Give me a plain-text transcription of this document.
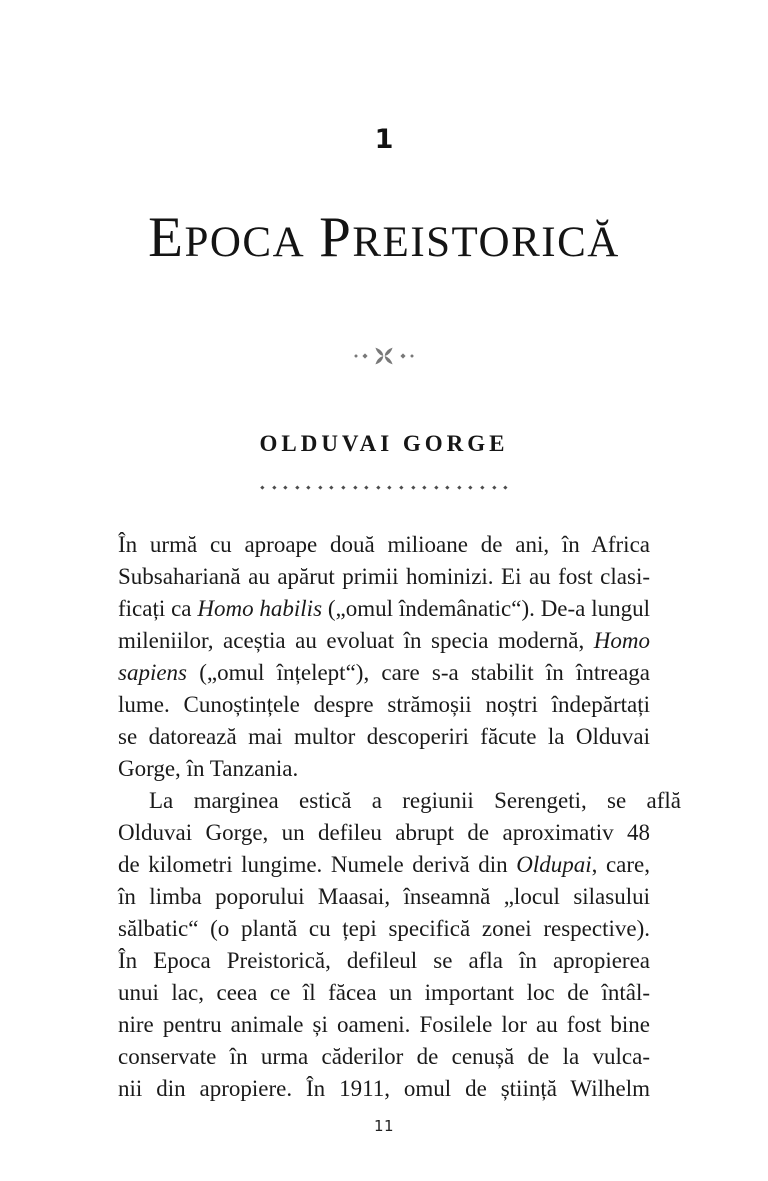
1
EPOCA PREISTORICĂ
OLDUVAI GORGE
În urmă cu aproape două milioane de ani, în Africa
Subsahariană au apărut primii hominizi. Ei au fost clasi-
ficați ca Homo habilis („omul îndemânatic“). De-a lungul
mileniilor, aceștia au evoluat în specia modernă, Homo
sapiens („omul înțelept“), care s-a stabilit în întreaga
lume. Cunoștințele despre strămoșii noștri îndepărtați
se datorează mai multor descoperiri făcute la Olduvai
Gorge, în Tanzania.
La marginea estică a regiunii Serengeti, se află
Olduvai Gorge, un defileu abrupt de aproximativ 48
de kilometri lungime. Numele derivă din Oldupai, care,
în limba poporului Maasai, înseamnă „locul silasului
sălbatic“ (o plantă cu țepi specifică zonei respective).
În Epoca Preistorică, defileul se afla în apropierea
unui lac, ceea ce îl făcea un important loc de întâl-
nire pentru animale și oameni. Fosilele lor au fost bine
conservate în urma căderilor de cenușă de la vulca-
nii din apropiere. În 1911, omul de știință Wilhelm
11
